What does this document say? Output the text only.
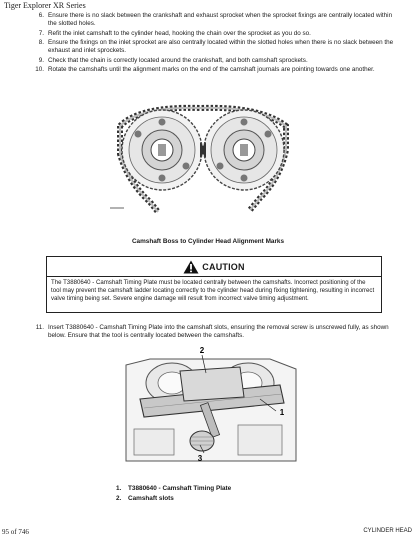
Tiger Explorer XR Series
6. Ensure there is no slack between the crankshaft and exhaust sprocket when the sprocket fixings are centrally located within the slotted holes.
7. Refit the inlet camshaft to the cylinder head, hooking the chain over the sprocket as you do so.
8. Ensure the fixings on the inlet sprocket are also centrally located within the slotted holes when there is no slack between the exhaust and inlet sprockets.
9. Check that the chain is correctly located around the crankshaft, and both camshaft sprockets.
10. Rotate the camshafts until the alignment marks on the end of the camshaft journals are pointing towards one another.
Camshaft Boss to Cylinder Head Alignment Marks
CAUTION
The T3880640 - Camshaft Timing Plate must be located centrally between the camshafts. Incorrect positioning of the tool may prevent the camshaft ladder locating correctly to the cylinder head during fixing tightening, resulting in incorrect valve timing being set. Severe engine damage will result from incorrect valve timing adjustment.
11. Insert T3880640 - Camshaft Timing Plate into the camshaft slots, ensuring the removal screw is unscrewed fully, as shown below. Ensure that the tool is centrally located between the camshafts.
2
1
3
1. T3880640 - Camshaft Timing Plate
2. Camshaft slots
95 of 746	CYLINDER HEAD
